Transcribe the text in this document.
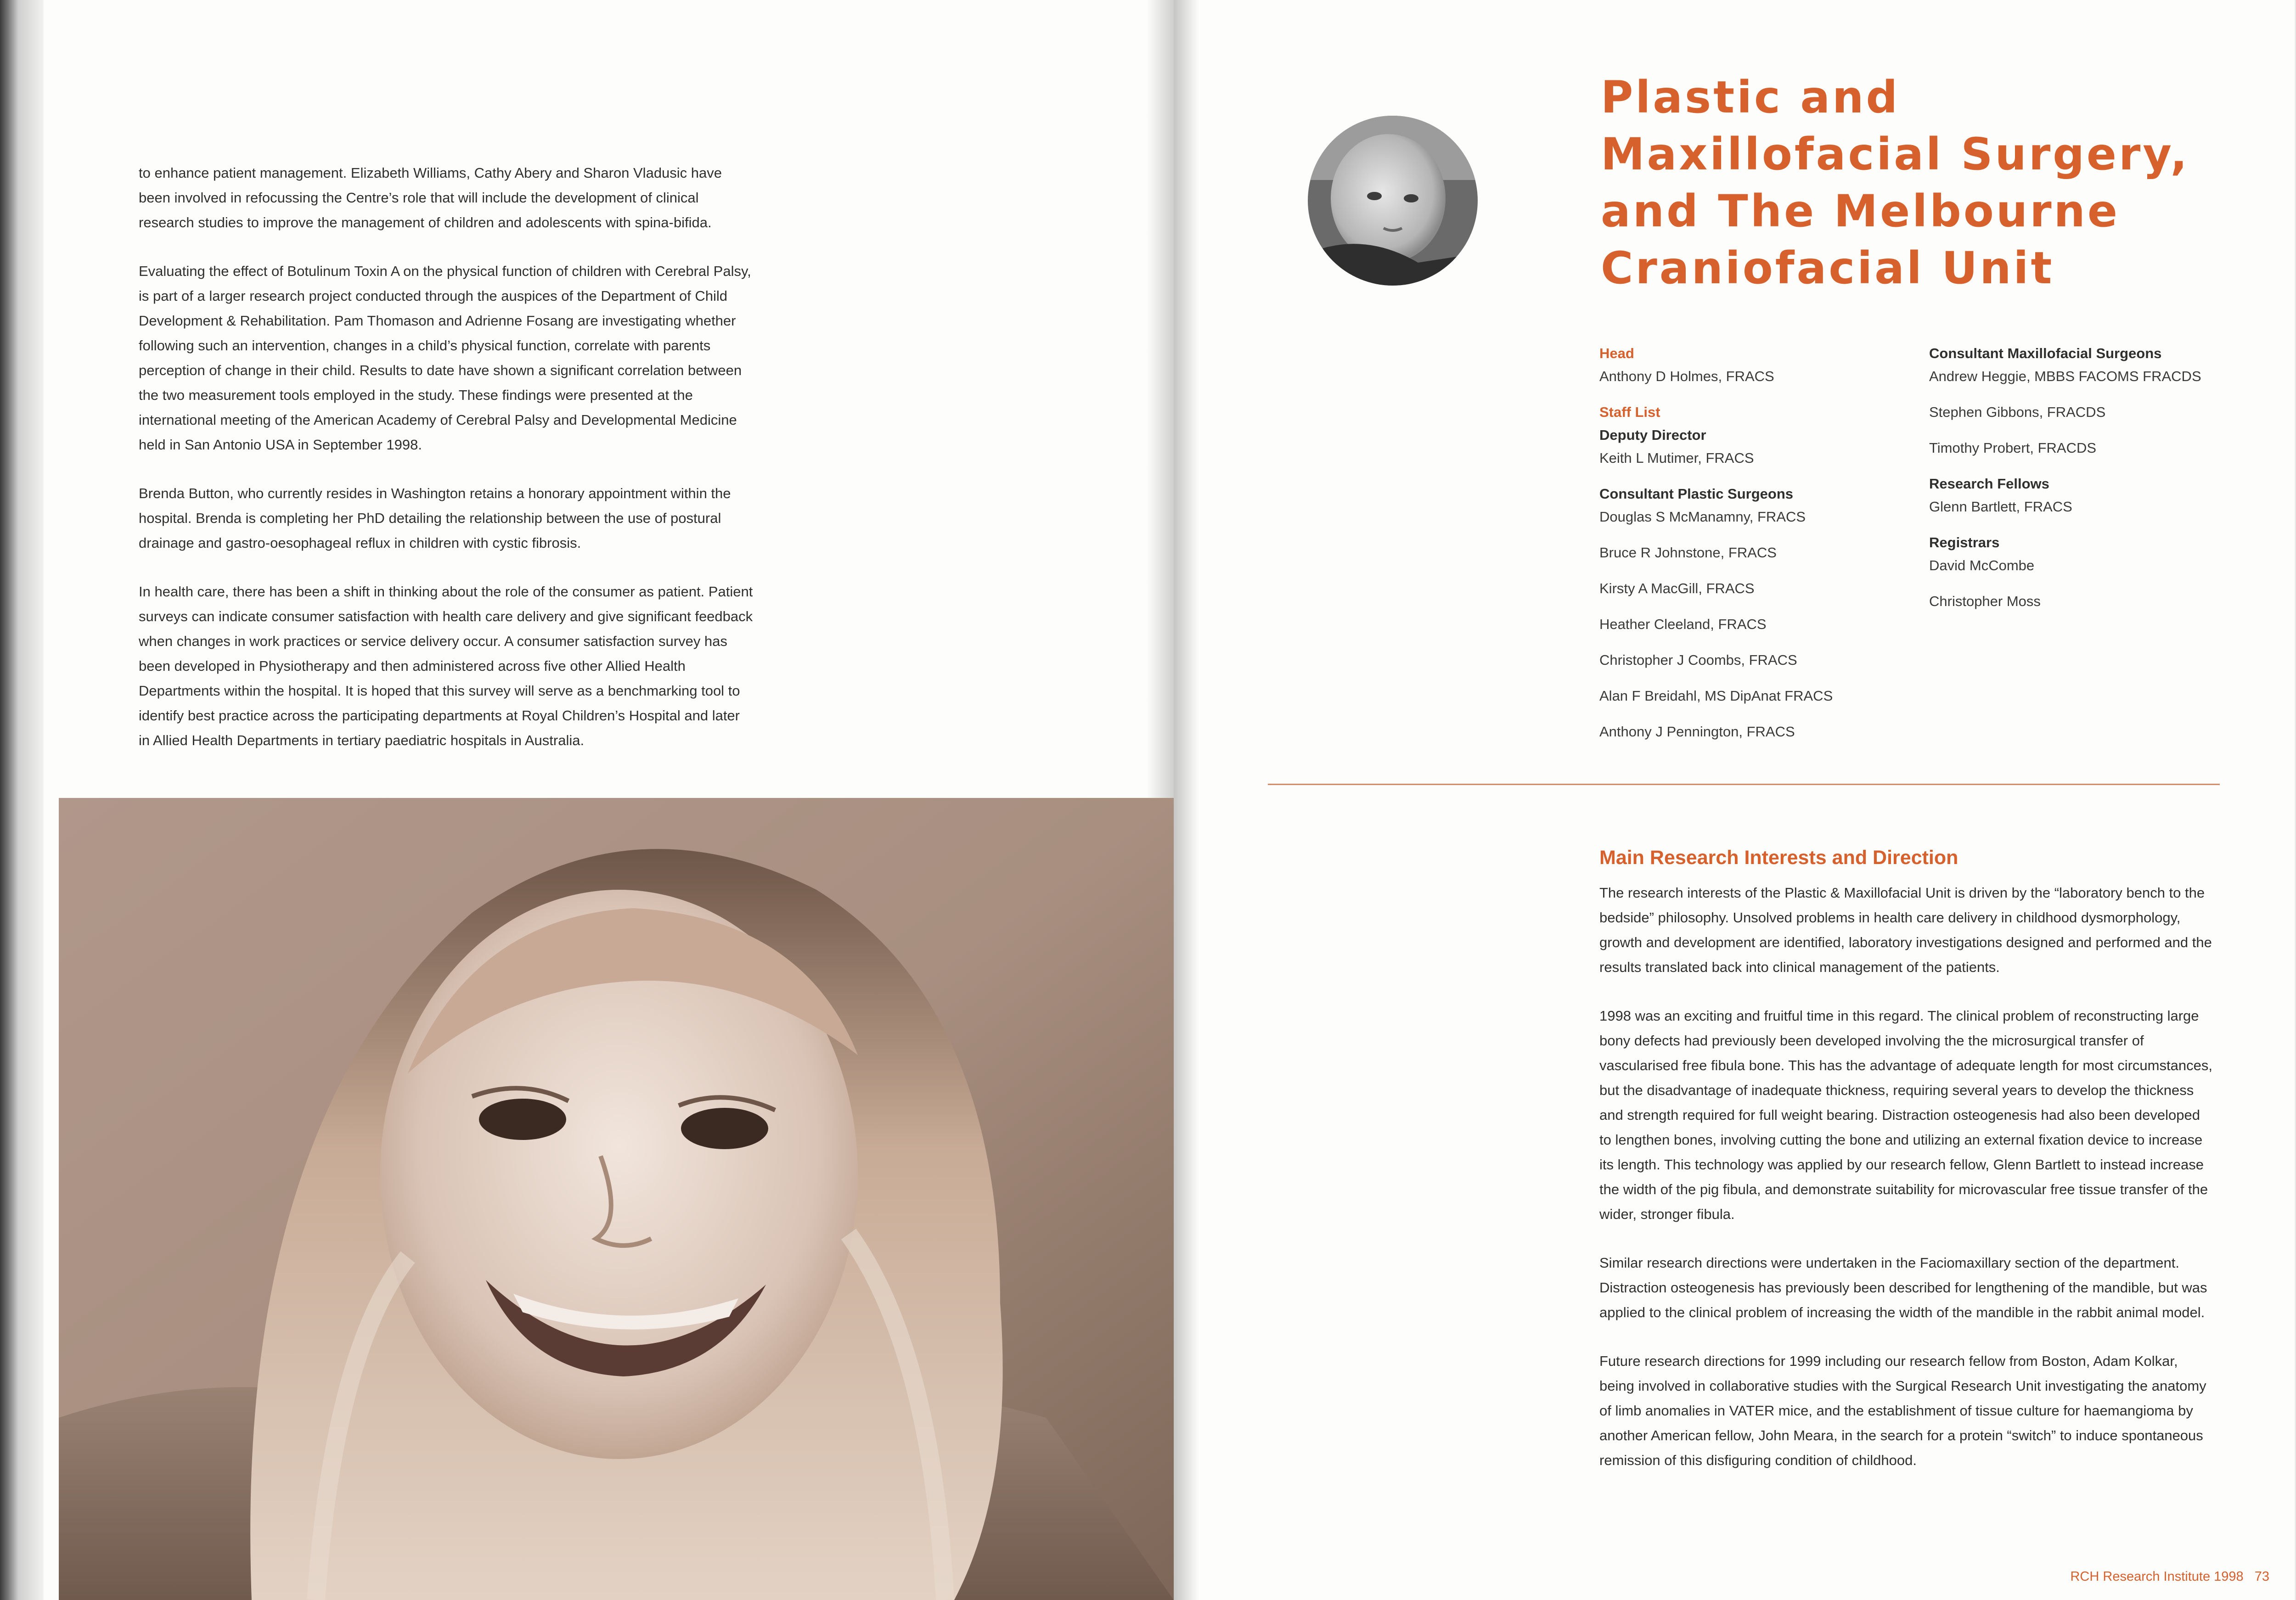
to enhance patient management. Elizabeth Williams, Cathy Abery and Sharon Vladusic have been involved in refocussing the Centre’s role that will include the development of clinical research studies to improve the management of children and adolescents with spina-bifida.

Evaluating the effect of Botulinum Toxin A on the physical function of children with Cerebral Palsy, is part of a larger research project conducted through the auspices of the Department of Child Development & Rehabilitation. Pam Thomason and Adrienne Fosang are investigating whether following such an intervention, changes in a child’s physical function, correlate with parents perception of change in their child. Results to date have shown a significant correlation between the two measurement tools employed in the study. These findings were presented at the international meeting of the American Academy of Cerebral Palsy and Developmental Medicine held in San Antonio USA in September 1998.

Brenda Button, who currently resides in Washington retains a honorary appointment within the hospital. Brenda is completing her PhD detailing the relationship between the use of postural drainage and gastro-oesophageal reflux in children with cystic fibrosis.

In health care, there has been a shift in thinking about the role of the consumer as patient. Patient surveys can indicate consumer satisfaction with health care delivery and give significant feedback when changes in work practices or service delivery occur. A consumer satisfaction survey has been developed in Physiotherapy and then administered across five other Allied Health Departments within the hospital. It is hoped that this survey will serve as a benchmarking tool to identify best practice across the participating departments at Royal Children’s Hospital and later in Allied Health Departments in tertiary paediatric hospitals in Australia.

Plastic and Maxillofacial Surgery, and The Melbourne Craniofacial Unit
Head
Anthony D Holmes, FRACS
Staff List
Deputy Director
Keith L Mutimer, FRACS
Consultant Plastic Surgeons
Douglas S McManamny, FRACS
Bruce R Johnstone, FRACS
Kirsty A MacGill, FRACS
Heather Cleeland, FRACS
Christopher J Coombs, FRACS
Alan F Breidahl, MS DipAnat FRACS
Anthony J Pennington, FRACS
Consultant Maxillofacial Surgeons
Andrew Heggie, MBBS FACOMS FRACDS
Stephen Gibbons, FRACDS
Timothy Probert, FRACDS
Research Fellows
Glenn Bartlett, FRACS
Registrars
David McCombe
Christopher Moss
Main Research Interests and Direction

The research interests of the Plastic & Maxillofacial Unit is driven by the “laboratory bench to the bedside” philosophy. Unsolved problems in health care delivery in childhood dysmorphology, growth and development are identified, laboratory investigations designed and performed and the results translated back into clinical management of the patients.

1998 was an exciting and fruitful time in this regard. The clinical problem of reconstructing large bony defects had previously been developed involving the the microsurgical transfer of vascularised free fibula bone. This has the advantage of adequate length for most circumstances, but the disadvantage of inadequate thickness, requiring several years to develop the thickness and strength required for full weight bearing. Distraction osteogenesis had also been developed to lengthen bones, involving cutting the bone and utilizing an external fixation device to increase its length. This technology was applied by our research fellow, Glenn Bartlett to instead increase the width of the pig fibula, and demonstrate suitability for microvascular free tissue transfer of the wider, stronger fibula.

Similar research directions were undertaken in the Faciomaxillary section of the department. Distraction osteogenesis has previously been described for lengthening of the mandible, but was applied to the clinical problem of increasing the width of the mandible in the rabbit animal model.

Future research directions for 1999 including our research fellow from Boston, Adam Kolkar, being involved in collaborative studies with the Surgical Research Unit investigating the anatomy of limb anomalies in VATER mice, and the establishment of tissue culture for haemangioma by another American fellow, John Meara, in the search for a protein “switch” to induce spontaneous remission of this disfiguring condition of childhood.

RCH Research Institute 1998 73
